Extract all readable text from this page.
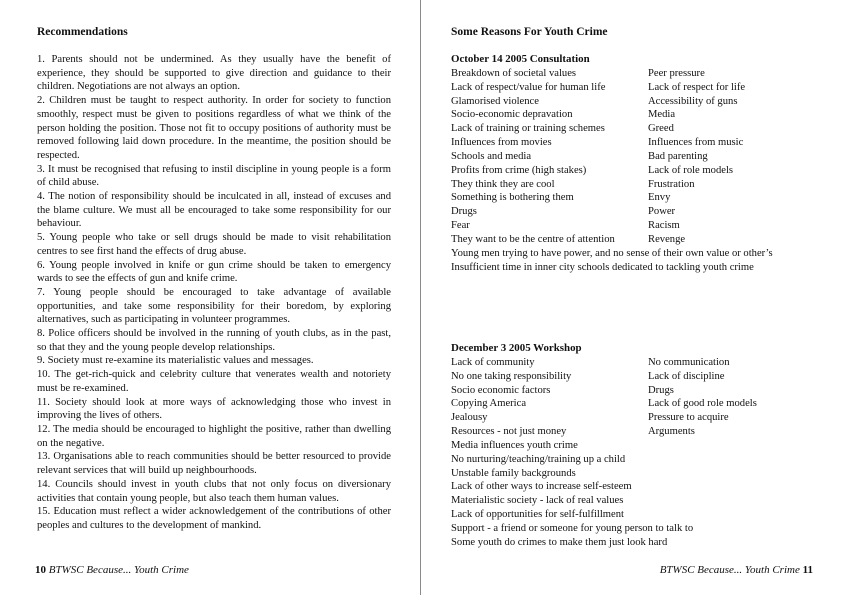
Recommendations
1. Parents should not be undermined. As they usually have the benefit of experience, they should be supported to give direction and guidance to their children. Negotiations are not always an option.
2. Children must be taught to respect authority. In order for society to function smoothly, respect must be given to positions regardless of what we think of the person holding the position. Those not fit to occupy positions of authority must be removed following laid down procedure. In the meantime, the position should be respected.
3. It must be recognised that refusing to instil discipline in young people is a form of child abuse.
4. The notion of responsibility should be inculcated in all, instead of excuses and the blame culture. We must all be encouraged to take some responsibility for our behaviour.
5. Young people who take or sell drugs should be made to visit rehabilitation centres to see first hand the effects of drug abuse.
6. Young people involved in knife or gun crime should be taken to emergency wards to see the effects of gun and knife crime.
7. Young people should be encouraged to take advantage of available opportunities, and take some responsibility for their boredom, by exploring alternatives, such as participating in volunteer programmes.
8. Police officers should be involved in the running of youth clubs, as in the past, so that they and the young people develop relationships.
9. Society must re-examine its materialistic values and messages.
10. The get-rich-quick and celebrity culture that venerates wealth and notoriety must be re-examined.
11. Society should look at more ways of acknowledging those who invest in improving the lives of others.
12. The media should be encouraged to highlight the positive, rather than dwelling on the negative.
13. Organisations able to reach communities should be better resourced to provide relevant services that will build up neighbourhoods.
14. Councils should invest in youth clubs that not only focus on diversionary activities that contain young people, but also teach them human values.
15. Education must reflect a wider acknowledgement of the contributions of other peoples and cultures to the development of mankind.
10 BTWSC Because... Youth Crime
Some Reasons For Youth Crime
October 14 2005 Consultation
Breakdown of societal values	Peer pressure
Lack of respect/value for human life	Lack of respect for life
Glamorised violence	Accessibility of guns
Socio-economic depravation	Media
Lack of training or training schemes	Greed
Influences from movies	Influences from music
Schools and media	Bad parenting
Profits from crime (high stakes)	Lack of role models
They think they are cool	Frustration
Something is bothering them	Envy
Drugs	Power
Fear	Racism
They want to be the centre of attention	Revenge
Young men trying to have power, and no sense of their own value or other’s
Insufficient time in inner city schools dedicated to tackling youth crime
December 3 2005 Workshop
Lack of community	No communication
No one taking responsibility	Lack of discipline
Socio economic factors	Drugs
Copying America	Lack of good role models
Jealousy	Pressure to acquire
Resources - not just money	Arguments
Media influences youth crime
No nurturing/teaching/training up a child
Unstable family backgrounds
Lack of other ways to increase self-esteem
Materialistic society - lack of real values
Lack of opportunities for self-fulfillment
Support - a friend or someone for young person to talk to
Some youth do crimes to make them just look hard
BTWSC Because... Youth Crime 11
